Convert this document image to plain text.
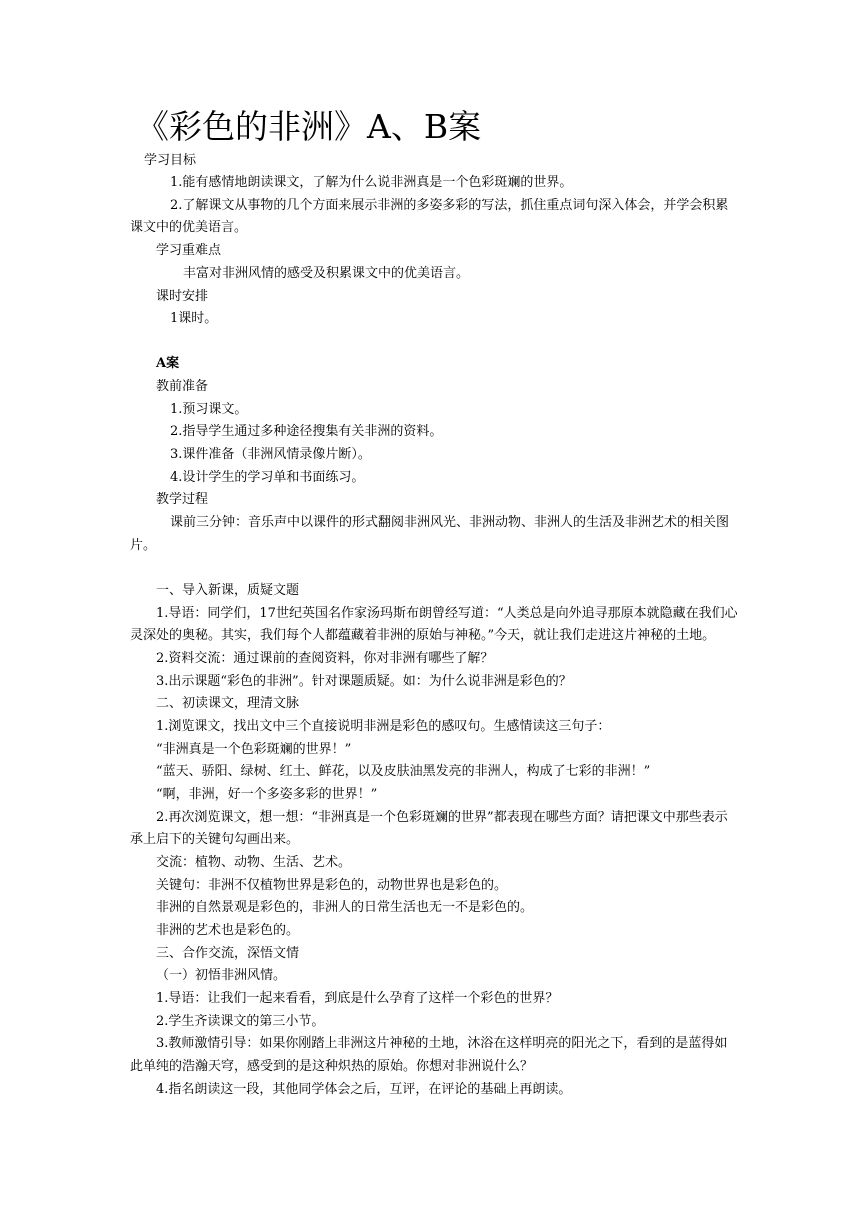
《彩色的非洲》A、B案
学习目标
1.能有感情地朗读课文，了解为什么说非洲真是一个色彩斑斓的世界。
2.了解课文从事物的几个方面来展示非洲的多姿多彩的写法，抓住重点词句深入体会，并学会积累
课文中的优美语言。
学习重难点
丰富对非洲风情的感受及积累课文中的优美语言。
课时安排
1课时。
A案
教前准备
1.预习课文。
2.指导学生通过多种途径搜集有关非洲的资料。
3.课件准备（非洲风情录像片断）。
4.设计学生的学习单和书面练习。
教学过程
课前三分钟：音乐声中以课件的形式翻阅非洲风光、非洲动物、非洲人的生活及非洲艺术的相关图
片。
一、导入新课，质疑文题
1.导语：同学们，17世纪英国名作家汤玛斯布朗曾经写道：“人类总是向外追寻那原本就隐藏在我们心
灵深处的奥秘。其实，我们每个人都蕴藏着非洲的原始与神秘。”今天，就让我们走进这片神秘的土地。
2.资料交流：通过课前的查阅资料，你对非洲有哪些了解？
3.出示课题“彩色的非洲”。针对课题质疑。如：为什么说非洲是彩色的？
二、初读课文，理清文脉
1.浏览课文，找出文中三个直接说明非洲是彩色的感叹句。生感情读这三句子：
“非洲真是一个色彩斑斓的世界！”
“蓝天、骄阳、绿树、红土、鲜花，以及皮肤油黑发亮的非洲人，构成了七彩的非洲！”
“啊，非洲，好一个多姿多彩的世界！”
2.再次浏览课文，想一想：“非洲真是一个色彩斑斓的世界”都表现在哪些方面？请把课文中那些表示
承上启下的关键句勾画出来。
交流：植物、动物、生活、艺术。
关键句：非洲不仅植物世界是彩色的，动物世界也是彩色的。
非洲的自然景观是彩色的，非洲人的日常生活也无一不是彩色的。
非洲的艺术也是彩色的。
三、合作交流，深悟文情
（一）初悟非洲风情。
1.导语：让我们一起来看看，到底是什么孕育了这样一个彩色的世界？
2.学生齐读课文的第三小节。
3.教师激情引导：如果你刚踏上非洲这片神秘的土地，沐浴在这样明亮的阳光之下，看到的是蓝得如
此单纯的浩瀚天穹，感受到的是这种炽热的原始。你想对非洲说什么？
4.指名朗读这一段，其他同学体会之后，互评，在评论的基础上再朗读。
